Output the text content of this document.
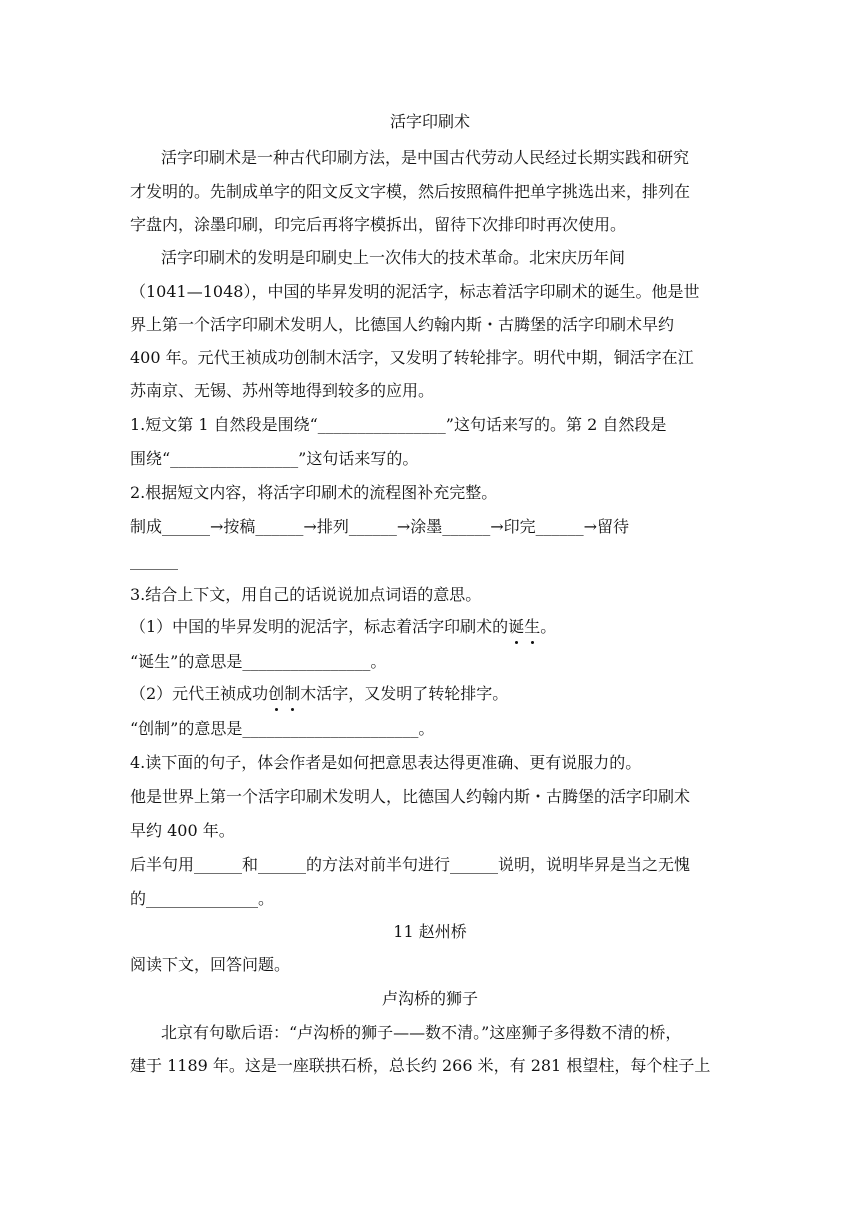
活字印刷术
活字印刷术是一种古代印刷方法，是中国古代劳动人民经过长期实践和研究
才发明的。先制成单字的阳文反文字模，然后按照稿件把单字挑选出来，排列在
字盘内，涂墨印刷，印完后再将字模拆出，留待下次排印时再次使用。
活字印刷术的发明是印刷史上一次伟大的技术革命。北宋庆历年间
（1041—1048），中国的毕昇发明的泥活字，标志着活字印刷术的诞生。他是世
界上第一个活字印刷术发明人，比德国人约翰内斯・古腾堡的活字印刷术早约
400 年。元代王祯成功创制木活字，又发明了转轮排字。明代中期，铜活字在江
苏南京、无锡、苏州等地得到较多的应用。
1.短文第 1 自然段是围绕“________________”这句话来写的。第 2 自然段是
围绕“________________”这句话来写的。
2.根据短文内容，将活字印刷术的流程图补充完整。
制成______→按稿______→排列______→涂墨______→印完______→留待
______
3.结合上下文，用自己的话说说加点词语的意思。
（1）中国的毕昇发明的泥活字，标志着活字印刷术的诞生。
“诞生”的意思是________________。
（2）元代王祯成功创制木活字，又发明了转轮排字。
“创制”的意思是______________________。
4.读下面的句子，体会作者是如何把意思表达得更准确、更有说服力的。
他是世界上第一个活字印刷术发明人，比德国人约翰内斯・古腾堡的活字印刷术
早约 400 年。
后半句用______和______的方法对前半句进行______说明，说明毕昇是当之无愧
的______________。
11 赵州桥
阅读下文，回答问题。
卢沟桥的狮子
北京有句歇后语：“卢沟桥的狮子——数不清。”这座狮子多得数不清的桥，
建于 1189 年。这是一座联拱石桥，总长约 266 米，有 281 根望柱，每个柱子上
